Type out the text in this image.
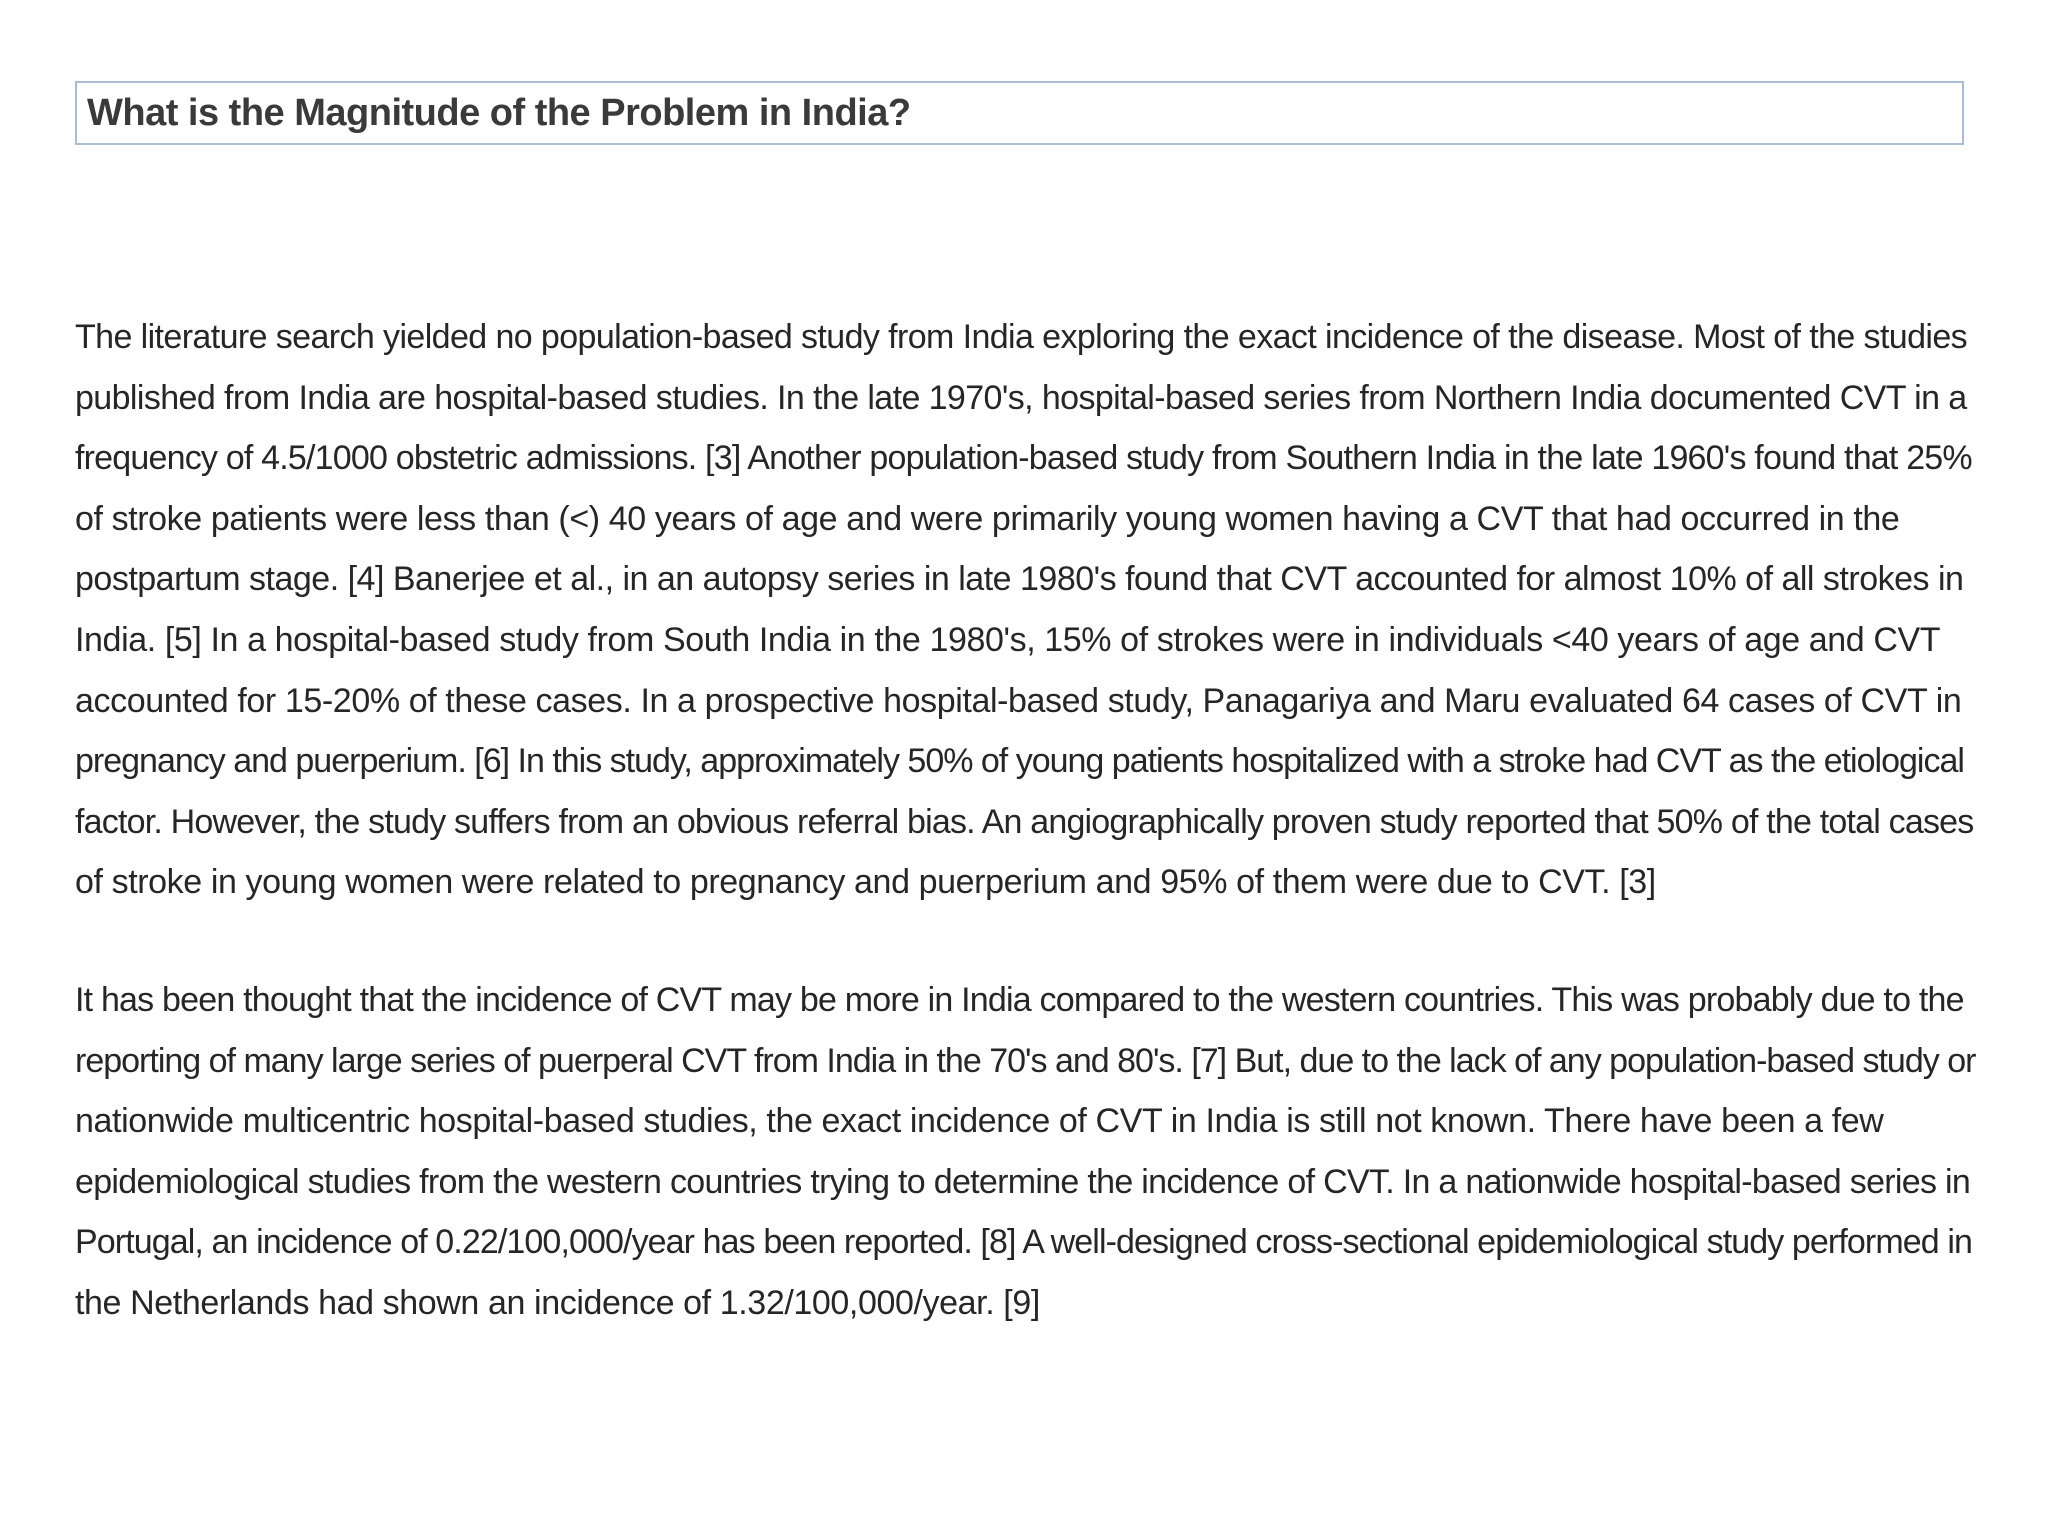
What is the Magnitude of the Problem in India?

The literature search yielded no population-based study from India exploring the exact incidence of the disease. Most of the studies
published from India are hospital-based studies. In the late 1970's, hospital-based series from Northern India documented CVT in a
frequency of 4.5/1000 obstetric admissions. [3] Another population-based study from Southern India in the late 1960's found that 25%
of stroke patients were less than (<) 40 years of age and were primarily young women having a CVT that had occurred in the
postpartum stage. [4] Banerjee et al., in an autopsy series in late 1980's found that CVT accounted for almost 10% of all strokes in
India. [5] In a hospital-based study from South India in the 1980's, 15% of strokes were in individuals <40 years of age and CVT
accounted for 15-20% of these cases. In a prospective hospital-based study, Panagariya and Maru evaluated 64 cases of CVT in
pregnancy and puerperium. [6] In this study, approximately 50% of young patients hospitalized with a stroke had CVT as the etiological
factor. However, the study suffers from an obvious referral bias. An angiographically proven study reported that 50% of the total cases
of stroke in young women were related to pregnancy and puerperium and 95% of them were due to CVT. [3]

It has been thought that the incidence of CVT may be more in India compared to the western countries. This was probably due to the
reporting of many large series of puerperal CVT from India in the 70's and 80's. [7] But, due to the lack of any population-based study or
nationwide multicentric hospital-based studies, the exact incidence of CVT in India is still not known. There have been a few
epidemiological studies from the western countries trying to determine the incidence of CVT. In a nationwide hospital-based series in
Portugal, an incidence of 0.22/100,000/year has been reported. [8] A well-designed cross-sectional epidemiological study performed in
the Netherlands had shown an incidence of 1.32/100,000/year. [9]
